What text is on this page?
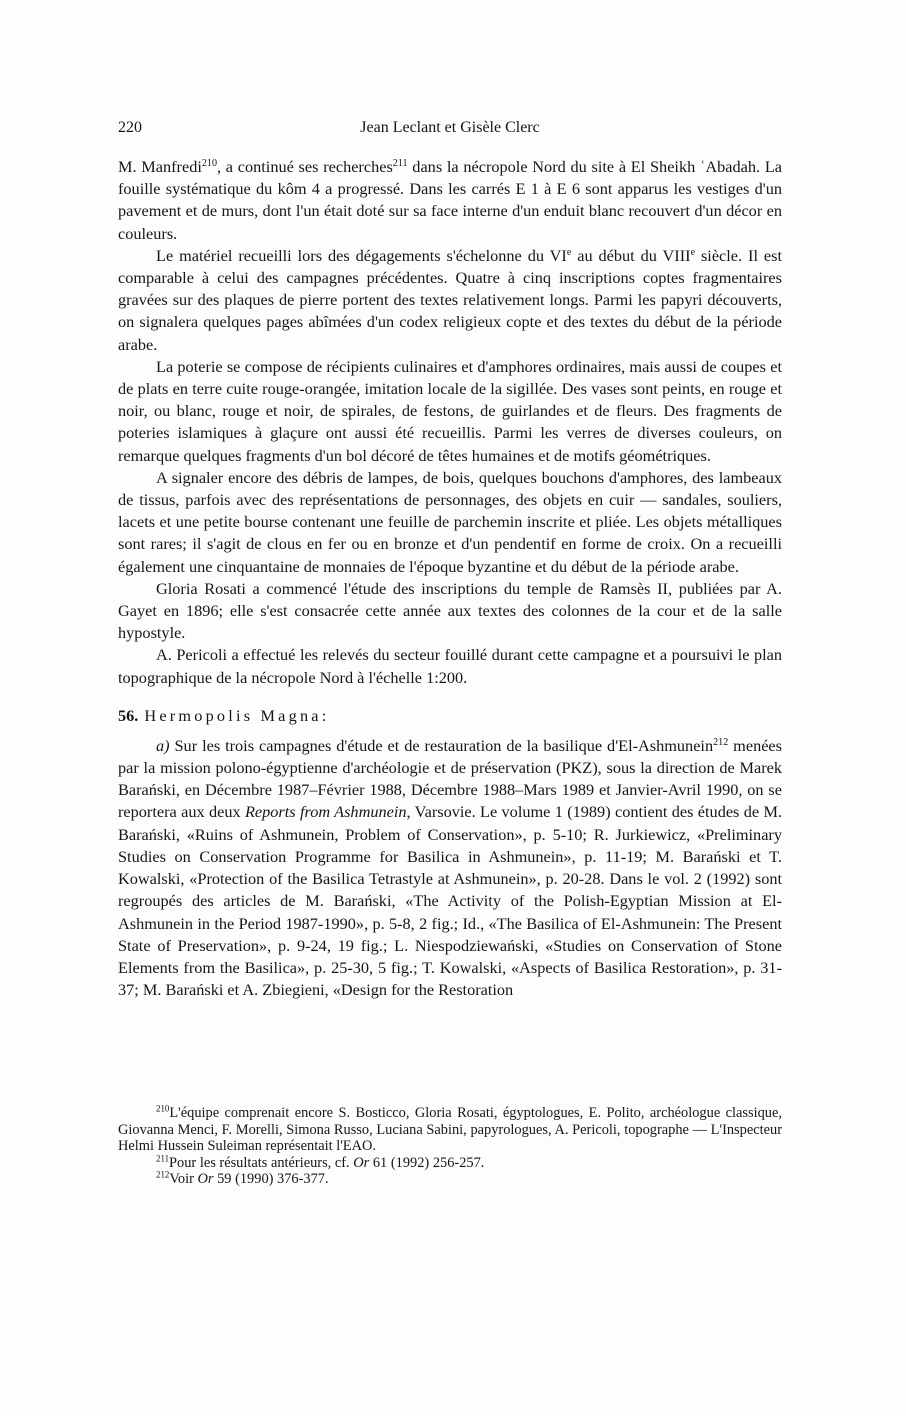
220	Jean Leclant et Gisèle Clerc

M. Manfredi$^{210}$, a continué ses recherches$^{211}$ dans la nécropole Nord du site à El Sheikh ʿAbadah. La fouille systématique du kôm 4 a progressé. Dans les carrés E 1 à E 6 sont apparus les vestiges d'un pavement et de murs, dont l'un était doté sur sa face interne d'un enduit blanc recouvert d'un décor en couleurs.

Le matériel recueilli lors des dégagements s'échelonne du VIe au début du VIIIe siècle. Il est comparable à celui des campagnes précédentes. Quatre à cinq inscriptions coptes fragmentaires gravées sur des plaques de pierre portent des textes relativement longs. Parmi les papyri découverts, on signalera quelques pages abîmées d'un codex religieux copte et des textes du début de la période arabe.

La poterie se compose de récipients culinaires et d'amphores ordinaires, mais aussi de coupes et de plats en terre cuite rouge-orangée, imitation locale de la sigillée. Des vases sont peints, en rouge et noir, ou blanc, rouge et noir, de spirales, de festons, de guirlandes et de fleurs. Des fragments de poteries islamiques à glaçure ont aussi été recueillis. Parmi les verres de diverses couleurs, on remarque quelques fragments d'un bol décoré de têtes humaines et de motifs géométriques.

A signaler encore des débris de lampes, de bois, quelques bouchons d'amphores, des lambeaux de tissus, parfois avec des représentations de personnages, des objets en cuir — sandales, souliers, lacets et une petite bourse contenant une feuille de parchemin inscrite et pliée. Les objets métalliques sont rares; il s'agit de clous en fer ou en bronze et d'un pendentif en forme de croix. On a recueilli également une cinquantaine de monnaies de l'époque byzantine et du début de la période arabe.

Gloria Rosati a commencé l'étude des inscriptions du temple de Ramsès II, publiées par A. Gayet en 1896; elle s'est consacrée cette année aux textes des colonnes de la cour et de la salle hypostyle.

A. Pericoli a effectué les relevés du secteur fouillé durant cette campagne et a poursuivi le plan topographique de la nécropole Nord à l'échelle 1:200.

56. Hermopolis Magna:

a) Sur les trois campagnes d'étude et de restauration de la basilique d'El-Ashmunein$^{212}$ menées par la mission polono-égyptienne d'archéologie et de préservation (PKZ), sous la direction de Marek Barański, en Décembre 1987–Février 1988, Décembre 1988–Mars 1989 et Janvier-Avril 1990, on se reportera aux deux Reports from Ashmunein, Varsovie. Le volume 1 (1989) contient des études de M. Barański, «Ruins of Ashmunein, Problem of Conservation», p. 5-10; R. Jurkiewicz, «Preliminary Studies on Conservation Programme for Basilica in Ashmunein», p. 11-19; M. Barański et T. Kowalski, «Protection of the Basilica Tetrastyle at Ashmunein», p. 20-28. Dans le vol. 2 (1992) sont regroupés des articles de M. Barański, «The Activity of the Polish-Egyptian Mission at El-Ashmunein in the Period 1987-1990», p. 5-8, 2 fig.; Id., «The Basilica of El-Ashmunein: The Present State of Preservation», p. 9-24, 19 fig.; L. Niespodziewański, «Studies on Conservation of Stone Elements from the Basilica», p. 25-30, 5 fig.; T. Kowalski, «Aspects of Basilica Restoration», p. 31-37; M. Barański et A. Zbiegieni, «Design for the Restoration

$^{210}$L'équipe comprenait encore S. Bosticco, Gloria Rosati, égyptologues, E. Polito, archéologue classique, Giovanna Menci, F. Morelli, Simona Russo, Luciana Sabini, papyrologues, A. Pericoli, topographe — L'Inspecteur Helmi Hussein Suleiman représentait l'EAO.

$^{211}$Pour les résultats antérieurs, cf. Or 61 (1992) 256-257.

$^{212}$Voir Or 59 (1990) 376-377.
